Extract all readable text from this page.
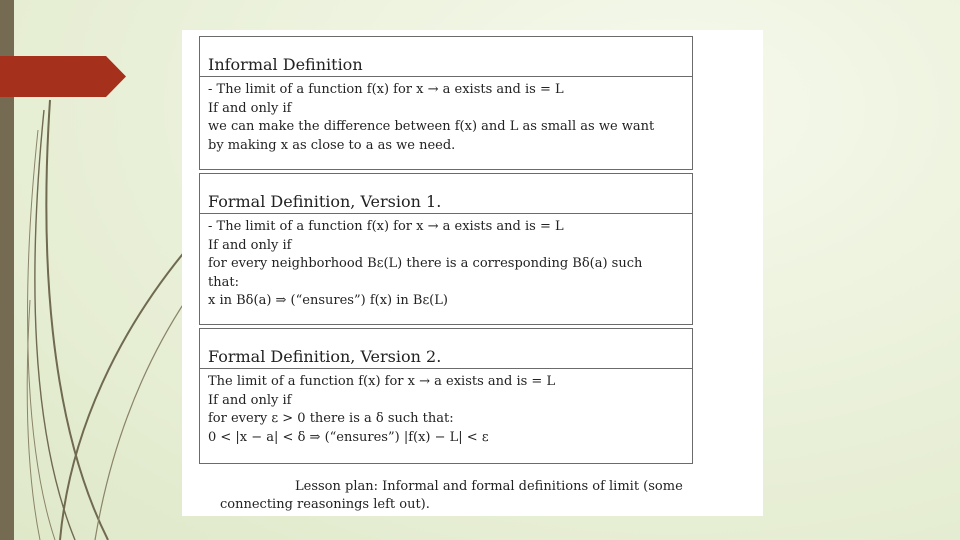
Informal Definition
- The limit of a function f(x) for x → a exists and is = L
If and only if
we can make the difference between f(x) and L as small as we want
by making x as close to a as we need.
Formal Definition, Version 1.
- The limit of a function f(x) for x → a exists and is = L
If and only if
for every neighborhood Bε(L) there is a corresponding Bδ(a) such
that:
x in Bδ(a) ⇒ (“ensures”) f(x) in Bε(L)
Formal Definition, Version 2.
The limit of a function f(x) for x → a exists and is = L
If and only if
for every ε > 0 there is a δ such that:
0 < |x − a| < δ ⇒ (“ensures”) |f(x) − L| < ε
Lesson plan: Informal and formal definitions of limit (some
connecting reasonings left out).
